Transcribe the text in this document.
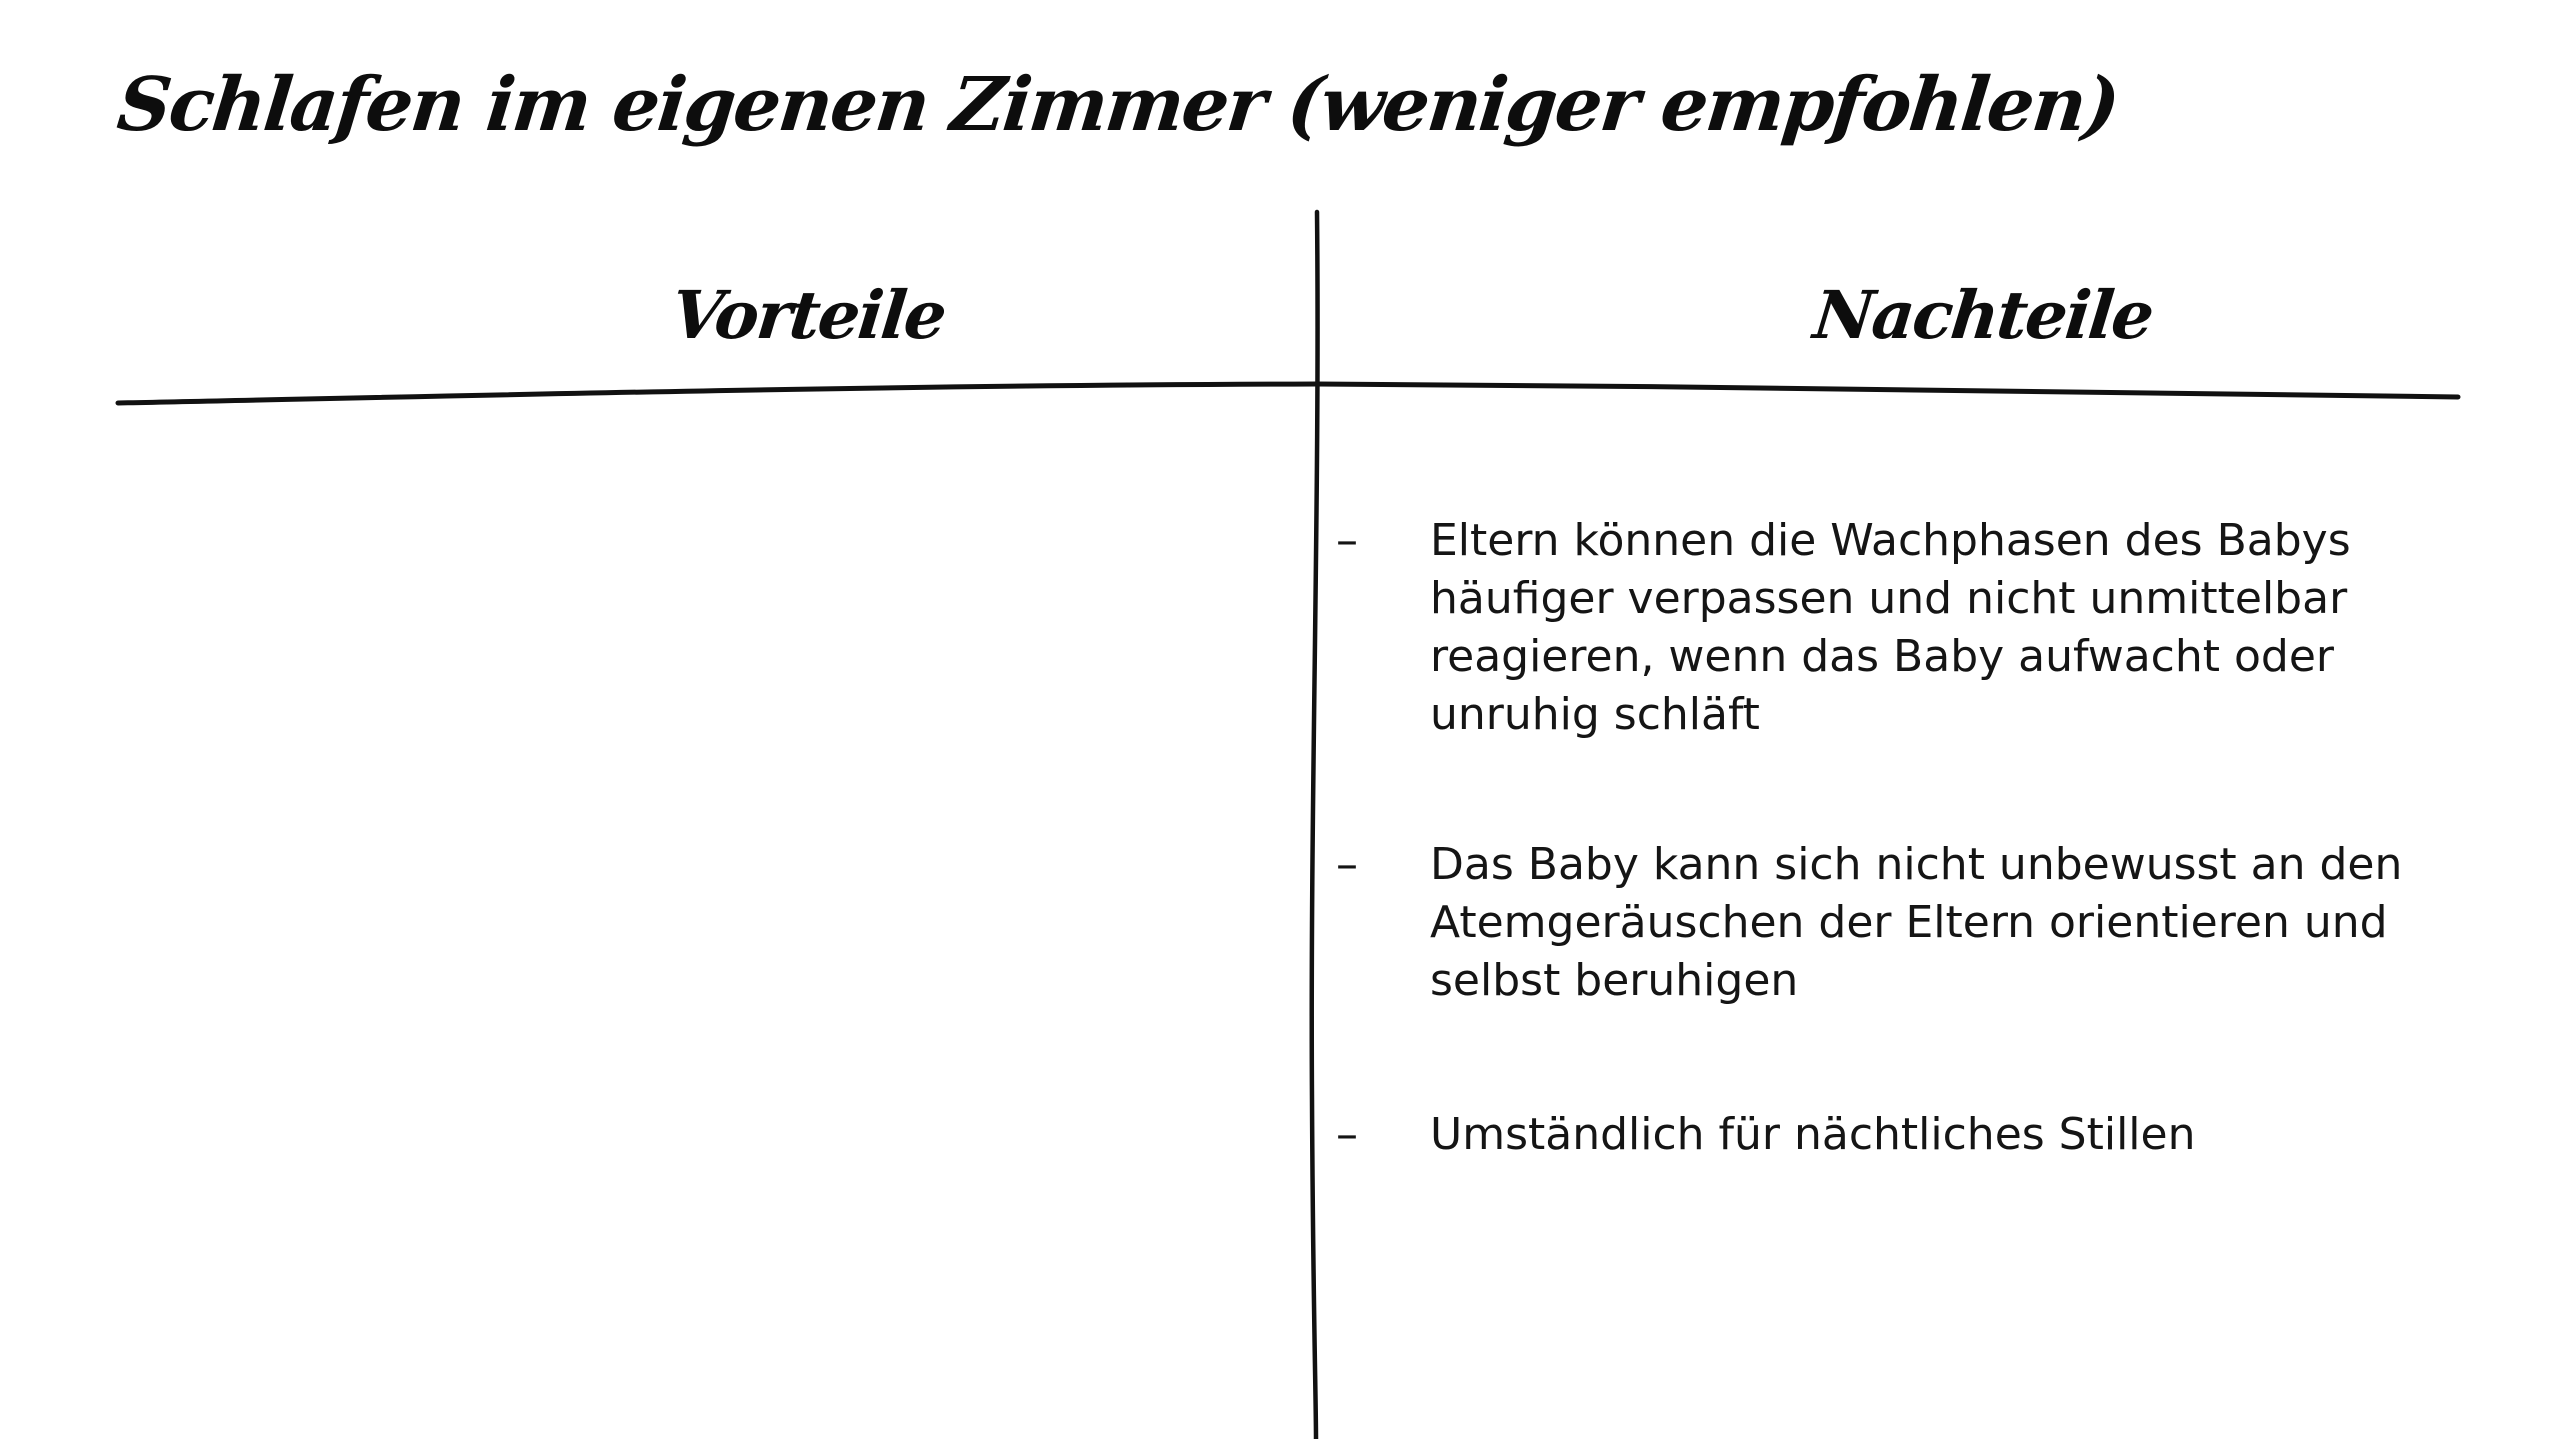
Schlafen im eigenen Zimmer (weniger empfohlen)
Vorteile	Nachteile
–	Eltern können die Wachphasen des Babys häufiger verpassen und nicht unmittelbar reagieren, wenn das Baby aufwacht oder unruhig schläft
–	Das Baby kann sich nicht unbewusst an den Atemgeräuschen der Eltern orientieren und selbst beruhigen
–	Umständlich für nächtliches Stillen
